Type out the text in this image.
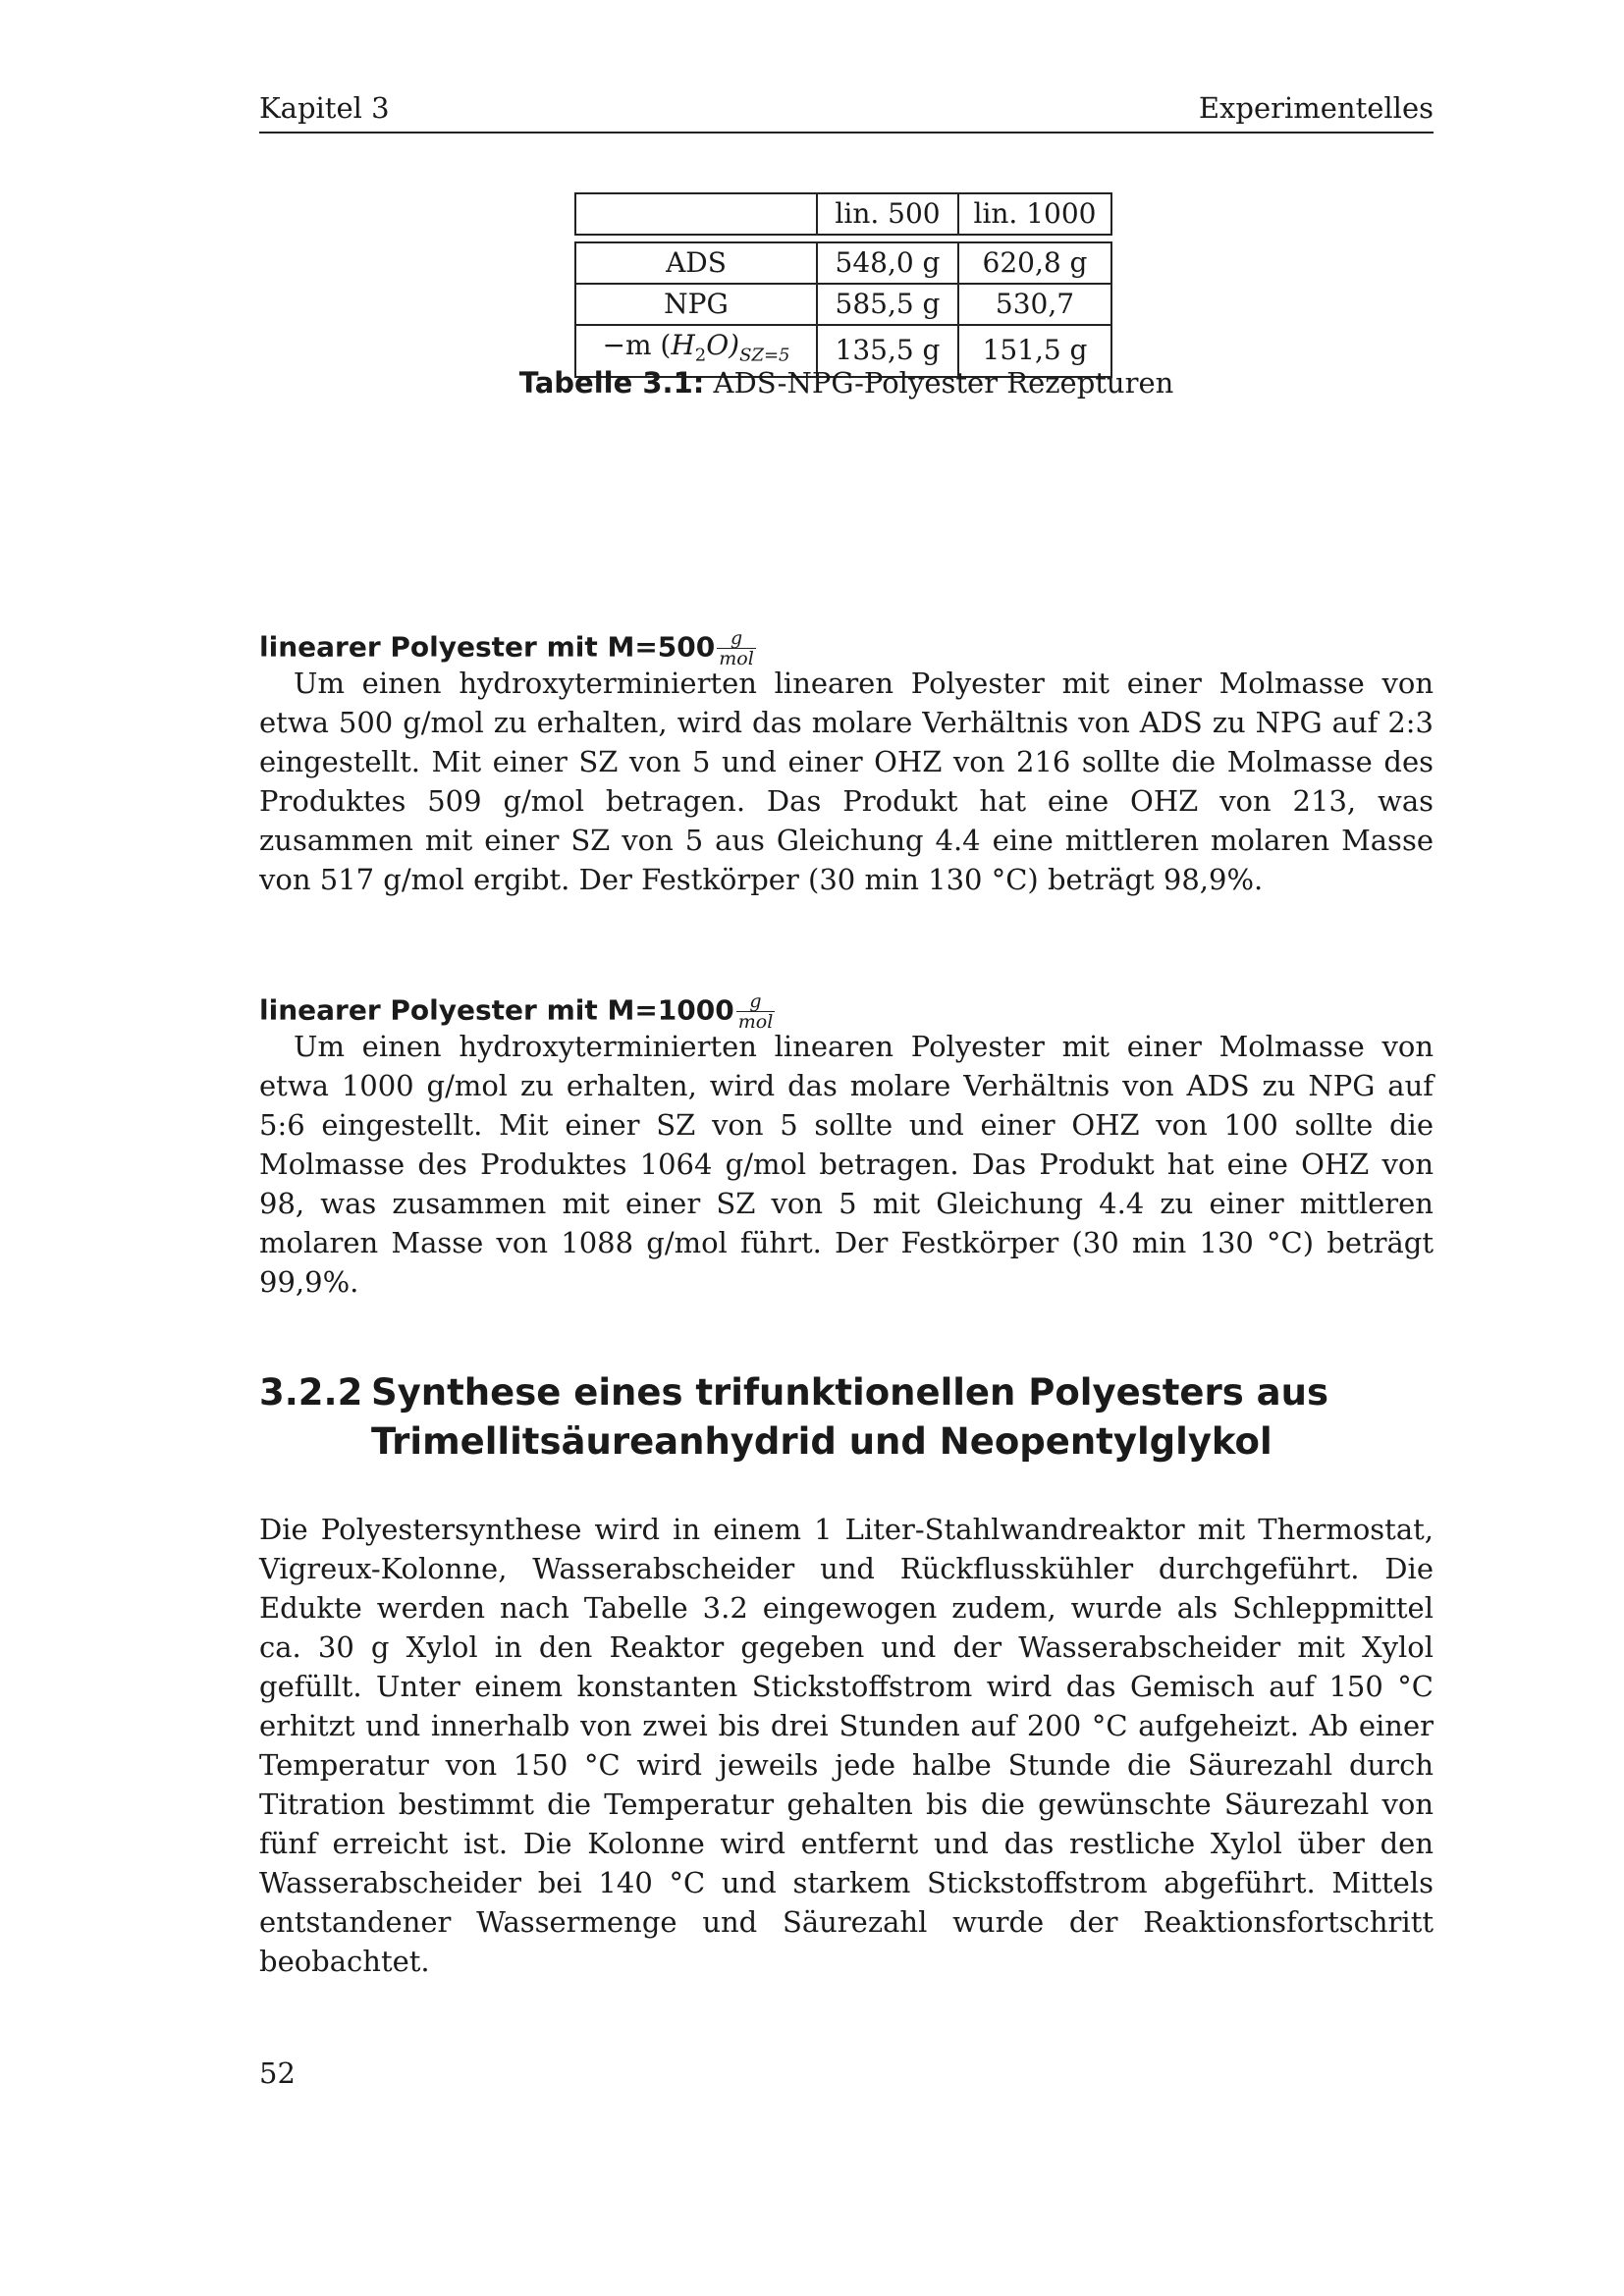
Kapitel 3	Experimentelles
	lin. 500	lin. 1000

ADS	548,0 g	620,8 g
NPG	585,5 g	530,7
−m $(H_2O)_{SZ=5}$	135,5 g	151,5 g
Tabelle 3.1: ADS-NPG-Polyester Rezepturen
linearer Polyester mit $M=500 \frac{g}{\text{mol}}$

Um einen hydroxyterminierten linearen Polyester mit einer Molmasse von etwa 500 g/mol zu erhalten, wird das molare Verhältnis von ADS zu NPG auf 2:3 eingestellt. Mit einer SZ von 5 und einer OHZ von 216 sollte die Molmasse des Produktes 509 g/mol betragen. Das Produkt hat eine OHZ von 213, was zusammen mit einer SZ von 5 aus Gleichung 4.4 eine mittleren molaren Masse von 517 g/mol ergibt. Der Festkörper (30 min 130 °C) beträgt 98,9%.

linearer Polyester mit $M=1000 \frac{g}{\text{mol}}$

Um einen hydroxyterminierten linearen Polyester mit einer Molmasse von etwa 1000 g/mol zu erhalten, wird das molare Verhältnis von ADS zu NPG auf 5:6 eingestellt. Mit einer SZ von 5 sollte und einer OHZ von 100 sollte die Molmasse des Produktes 1064 g/mol betragen. Das Produkt hat eine OHZ von 98, was zusammen mit einer SZ von 5 mit Gleichung 4.4 zu einer mittleren molaren Masse von 1088 g/mol führt. Der Festkörper (30 min 130 °C) beträgt 99,9%.

3.2.2 Synthese eines trifunktionellen Polyesters aus Trimellitsäureanhydrid und Neopentylglykol

Die Polyestersynthese wird in einem 1 Liter-Stahlwandreaktor mit Thermostat, Vigreux-Kolonne, Wasserabscheider und Rückflusskühler durchgeführt. Die Edukte werden nach Tabelle 3.2 eingewogen zudem, wurde als Schleppmittel ca. 30 g Xylol in den Reaktor gegeben und der Wasserabscheider mit Xylol gefüllt. Unter einem konstanten Stickstoffstrom wird das Gemisch auf 150 °C erhitzt und innerhalb von zwei bis drei Stunden auf 200 °C aufgeheizt. Ab einer Temperatur von 150 °C wird jeweils jede halbe Stunde die Säurezahl durch Titration bestimmt die Temperatur gehalten bis die gewünschte Säurezahl von fünf erreicht ist. Die Kolonne wird entfernt und das restliche Xylol über den Wasserabscheider bei 140 °C und starkem Stickstoffstrom abgeführt. Mittels entstandener Wassermenge und Säurezahl wurde der Reaktionsfortschritt beobachtet.

52
